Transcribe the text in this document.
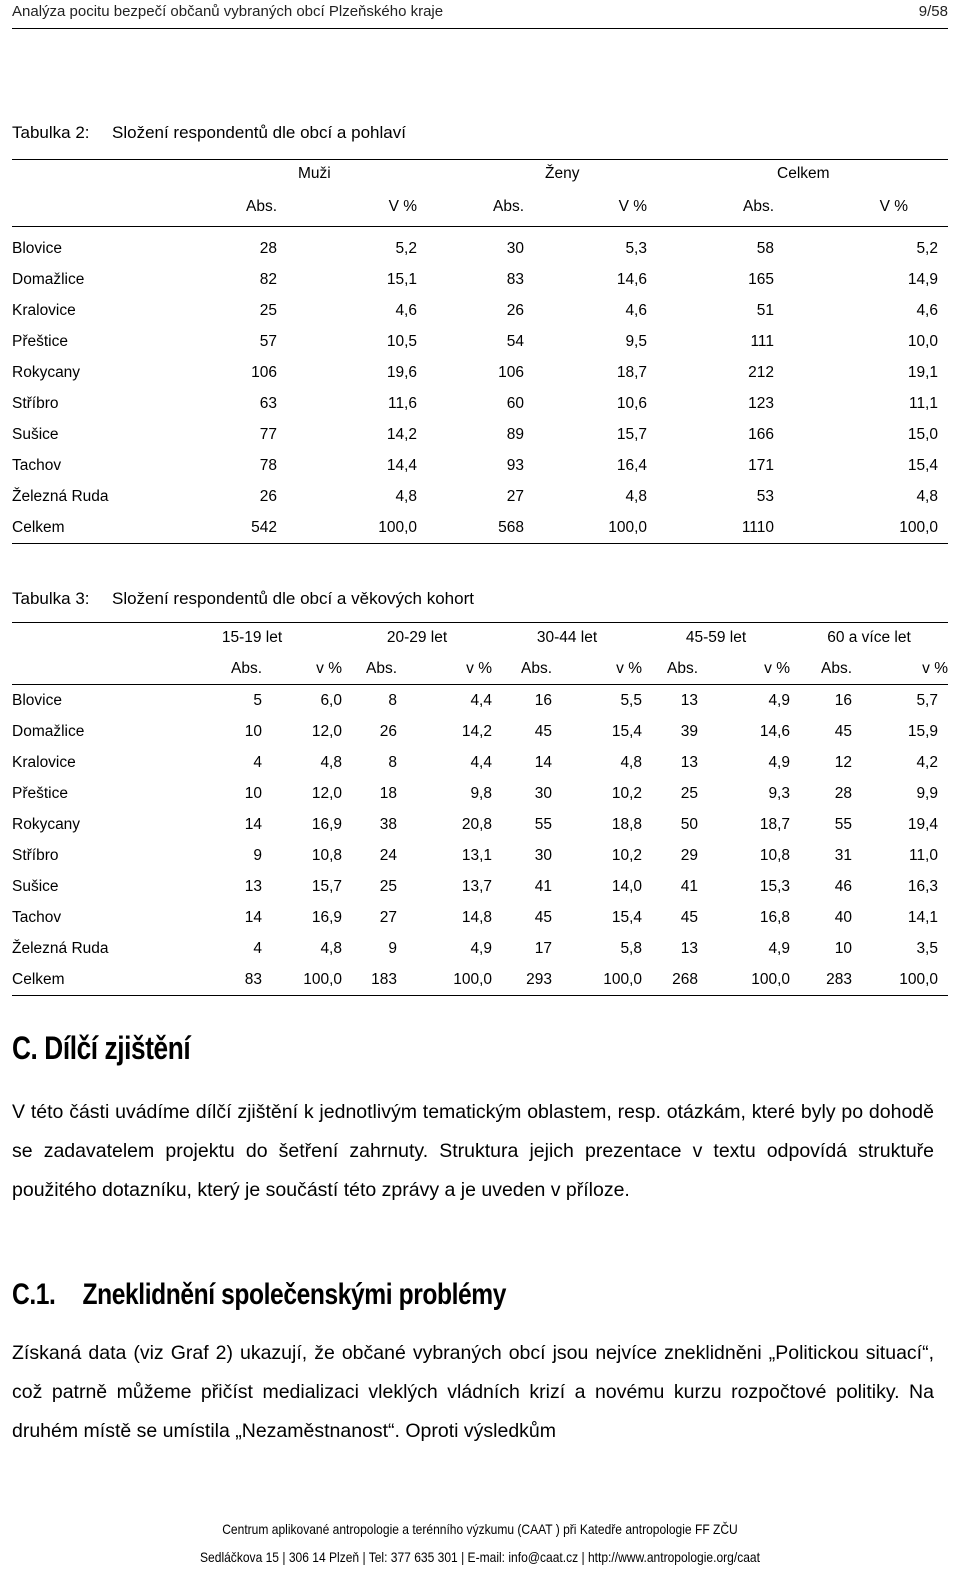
Analýza pocitu bezpečí občanů vybraných obcí Plzeňského kraje	9/58
Tabulka 2: Složení respondentů dle obcí a pohlaví
	Muži		Ženy		Celkem	
	Abs.	V %	Abs.	V %	Abs.	V %

Blovice	28	5,2	30	5,3	58	5,2
Domažlice	82	15,1	83	14,6	165	14,9
Kralovice	25	4,6	26	4,6	51	4,6
Přeštice	57	10,5	54	9,5	111	10,0
Rokycany	106	19,6	106	18,7	212	19,1
Stříbro	63	11,6	60	10,6	123	11,1
Sušice	77	14,2	89	15,7	166	15,0
Tachov	78	14,4	93	16,4	171	15,4
Železná Ruda	26	4,8	27	4,8	53	4,8
Celkem	542	100,0	568	100,0	1110	100,0
Tabulka 3: Složení respondentů dle obcí a věkových kohort
	15-19 let		20-29 let		30-44 let		45-59 let		60 a více let	
	Abs.	v %	Abs.	v %	Abs.	v %	Abs.	v %	Abs.	v %
Blovice	5	6,0	8	4,4	16	5,5	13	4,9	16	5,7
Domažlice	10	12,0	26	14,2	45	15,4	39	14,6	45	15,9
Kralovice	4	4,8	8	4,4	14	4,8	13	4,9	12	4,2
Přeštice	10	12,0	18	9,8	30	10,2	25	9,3	28	9,9
Rokycany	14	16,9	38	20,8	55	18,8	50	18,7	55	19,4
Stříbro	9	10,8	24	13,1	30	10,2	29	10,8	31	11,0
Sušice	13	15,7	25	13,7	41	14,0	41	15,3	46	16,3
Tachov	14	16,9	27	14,8	45	15,4	45	16,8	40	14,1
Železná Ruda	4	4,8	9	4,9	17	5,8	13	4,9	10	3,5
Celkem	83	100,0	183	100,0	293	100,0	268	100,0	283	100,0
C. Dílčí zjištění
V této části uvádíme dílčí zjištění k jednotlivým tematickým oblastem, resp. otázkám, které byly po dohodě se zadavatelem projektu do šetření zahrnuty. Struktura jejich prezentace v textu odpovídá struktuře použitého dotazníku, který je součástí této zprávy a je uveden v příloze.
C.1. Zneklidnění společenskými problémy
Získaná data (viz Graf 2) ukazují, že občané vybraných obcí jsou nejvíce zneklidněni „Politickou situací“, což patrně můžeme přičíst medializaci vleklých vládních krizí a novému kurzu rozpočtové politiky. Na druhém místě se umístila „Nezaměstnanost“. Oproti výsledkům
Centrum aplikované antropologie a terénního výzkumu (CAAT ) při Katedře antropologie FF ZČU
Sedláčkova 15 | 306 14 Plzeň | Tel: 377 635 301 | E-mail: info@caat.cz | http://www.antropologie.org/caat
